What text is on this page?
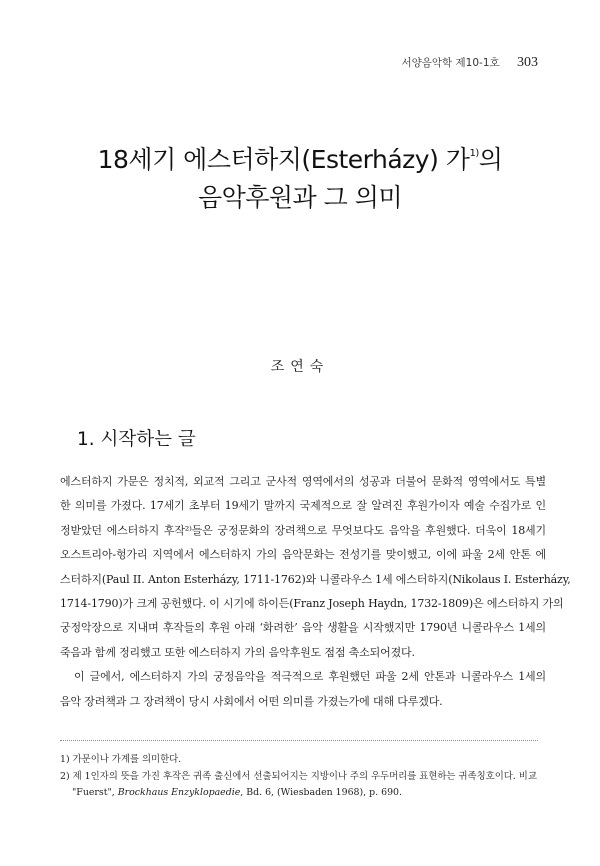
서양음악학 제10-1호 303
18세기 에스터하지(Esterházy) 가$^{1)}$의
음악후원과 그 의미
조연숙
1. 시작하는 글

에스터하지 가문은 정치적, 외교적 그리고 군사적 영역에서의 성공과 더불어 문화적 영역에서도 특별
한 의미를 가졌다. 17세기 초부터 19세기 말까지 국제적으로 잘 알려진 후원가이자 예술 수집가로 인
정받았던 에스터하지 후작²⁾들은 궁정문화의 장려책으로 무엇보다도 음악을 후원했다. 더욱이 18세기
오스트리아-헝가리 지역에서 에스터하지 가의 음악문화는 전성기를 맞이했고, 이에 파울 2세 안톤 에
스터하지(Paul II. Anton Esterházy, 1711-1762)와 니콜라우스 1세 에스터하지(Nikolaus I. Esterházy,
1714-1790)가 크게 공헌했다. 이 시기에 하이든(Franz Joseph Haydn, 1732-1809)은 에스터하지 가의
궁정악장으로 지내며 후작들의 후원 아래 ‘화려한’ 음악 생활을 시작했지만 1790년 니콜라우스 1세의
죽음과 함께 정리했고 또한 에스터하지 가의 음악후원도 점점 축소되어졌다.

이 글에서, 에스터하지 가의 궁정음악을 적극적으로 후원했던 파울 2세 안톤과 니콜라우스 1세의
음악 장려책과 그 장려책이 당시 사회에서 어떤 의미를 가졌는가에 대해 다루겠다.

1) 가문이나 가계를 의미한다.
2) 제 1인자의 뜻을 가진 후작은 귀족 출신에서 선출되어지는 지방이나 주의 우두머리를 표현하는 귀족칭호이다. 비교
"Fuerst", Brockhaus Enzyklopaedie, Bd. 6, (Wiesbaden 1968), p. 690.
